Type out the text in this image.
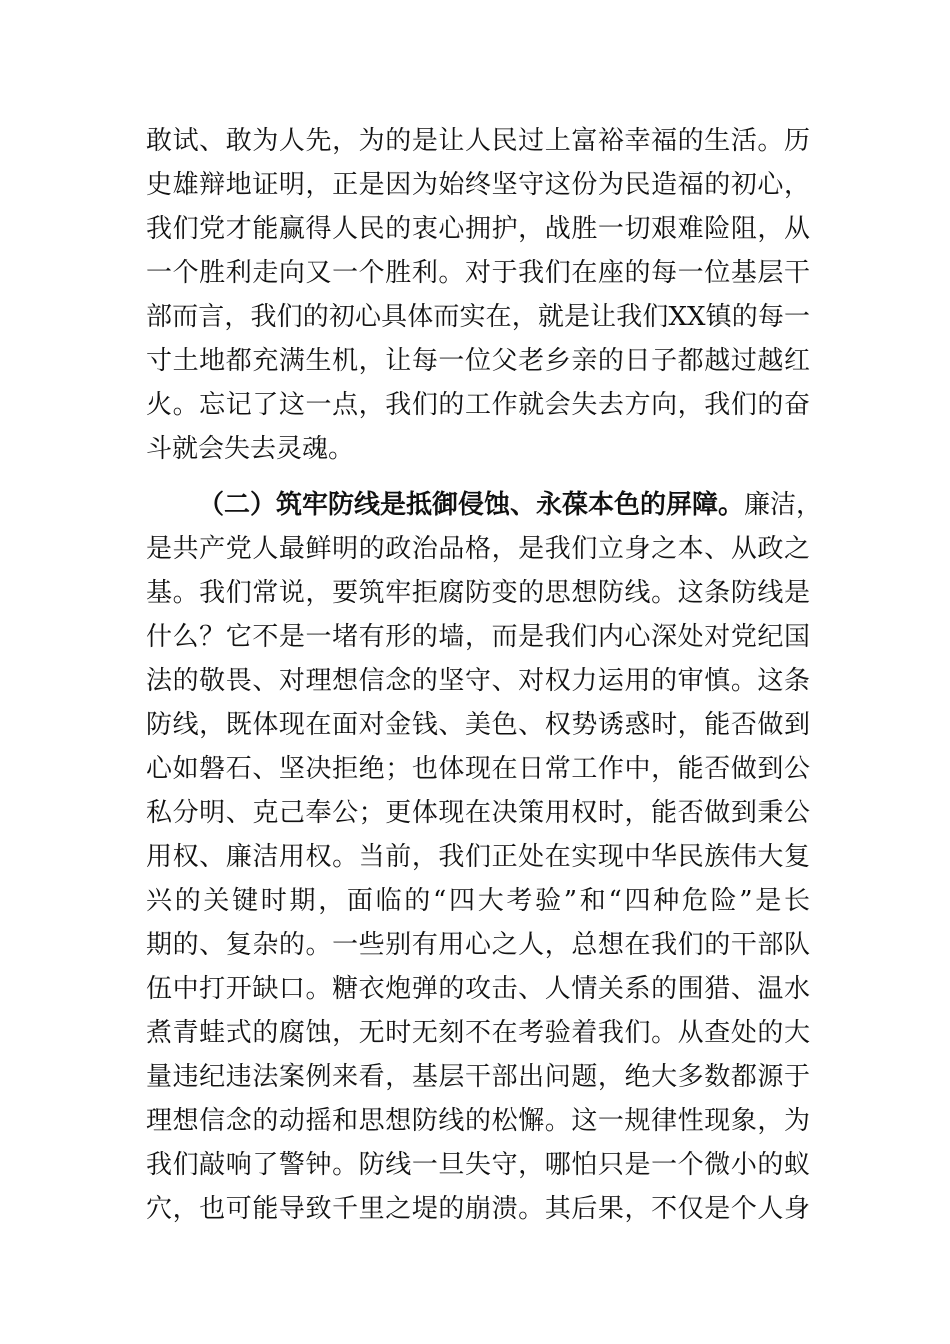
敢试、敢为人先，为的是让人民过上富裕幸福的生活。历
史雄辩地证明，正是因为始终坚守这份为民造福的初心，
我们党才能赢得人民的衷心拥护，战胜一切艰难险阻，从
一个胜利走向又一个胜利。对于我们在座的每一位基层干
部而言，我们的初心具体而实在，就是让我们XX镇的每一
寸土地都充满生机，让每一位父老乡亲的日子都越过越红
火。忘记了这一点，我们的工作就会失去方向，我们的奋
斗就会失去灵魂。
（二）筑牢防线是抵御侵蚀、永葆本色的屏障。廉洁，
是共产党人最鲜明的政治品格，是我们立身之本、从政之
基。我们常说，要筑牢拒腐防变的思想防线。这条防线是
什么？它不是一堵有形的墙，而是我们内心深处对党纪国
法的敬畏、对理想信念的坚守、对权力运用的审慎。这条
防线，既体现在面对金钱、美色、权势诱惑时，能否做到
心如磐石、坚决拒绝；也体现在日常工作中，能否做到公
私分明、克己奉公；更体现在决策用权时，能否做到秉公
用权、廉洁用权。当前，我们正处在实现中华民族伟大复
兴的关键时期，面临的“四大考验”和“四种危险”是长
期的、复杂的。一些别有用心之人，总想在我们的干部队
伍中打开缺口。糖衣炮弹的攻击、人情关系的围猎、温水
煮青蛙式的腐蚀，无时无刻不在考验着我们。从查处的大
量违纪违法案例来看，基层干部出问题，绝大多数都源于
理想信念的动摇和思想防线的松懈。这一规律性现象，为
我们敲响了警钟。防线一旦失守，哪怕只是一个微小的蚁
穴，也可能导致千里之堤的崩溃。其后果，不仅是个人身
